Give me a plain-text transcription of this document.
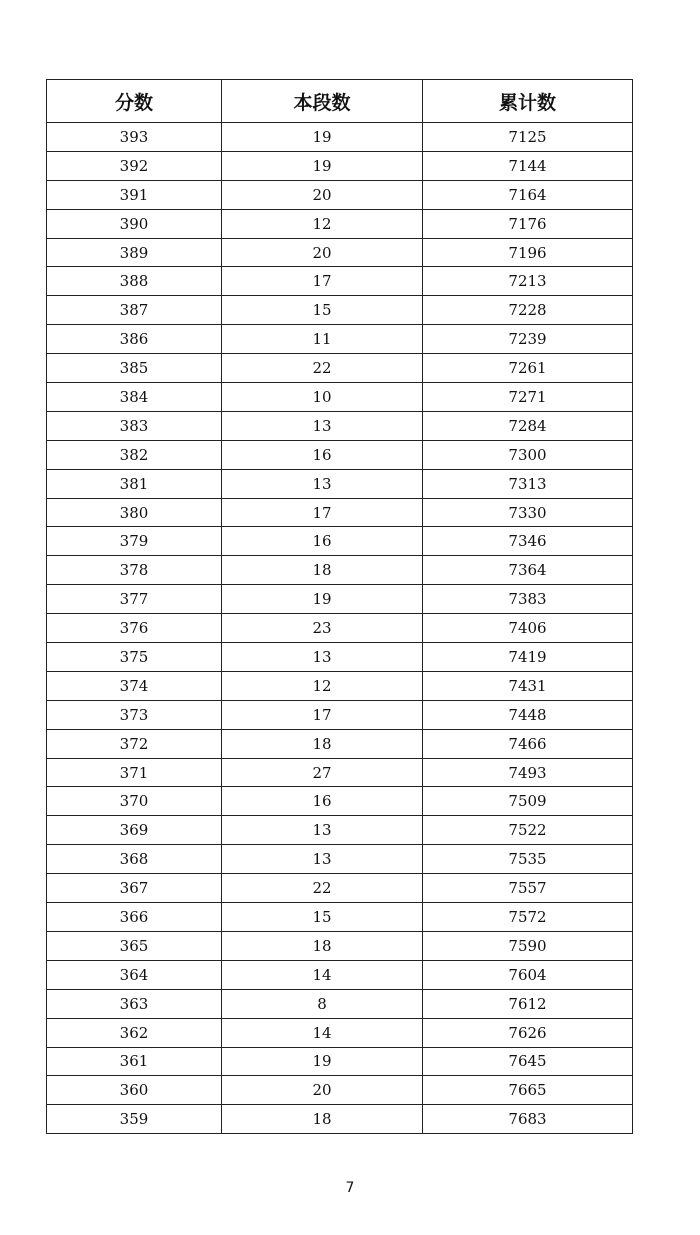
分数	本段数	累计数
393	19	7125
392	19	7144
391	20	7164
390	12	7176
389	20	7196
388	17	7213
387	15	7228
386	11	7239
385	22	7261
384	10	7271
383	13	7284
382	16	7300
381	13	7313
380	17	7330
379	16	7346
378	18	7364
377	19	7383
376	23	7406
375	13	7419
374	12	7431
373	17	7448
372	18	7466
371	27	7493
370	16	7509
369	13	7522
368	13	7535
367	22	7557
366	15	7572
365	18	7590
364	14	7604
363	8	7612
362	14	7626
361	19	7645
360	20	7665
359	18	7683
7
